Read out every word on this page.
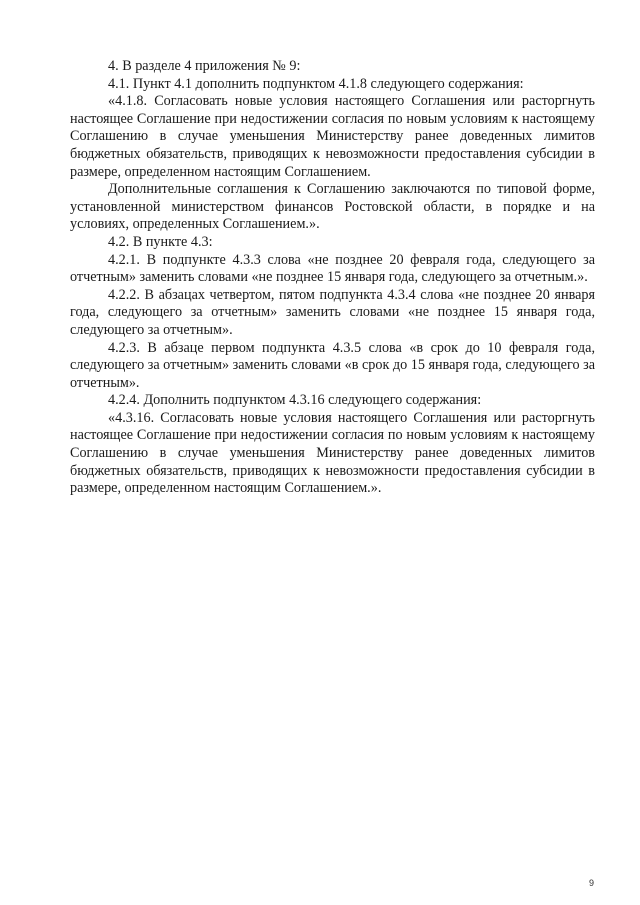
4. В разделе 4 приложения № 9:

4.1. Пункт 4.1 дополнить подпунктом 4.1.8 следующего содержания:

«4.1.8. Согласовать новые условия настоящего Соглашения или расторгнуть настоящее Соглашение при недостижении согласия по новым условиям к настоящему Соглашению в случае уменьшения Министерству ранее доведенных лимитов бюджетных обязательств, приводящих к невозможности предоставления субсидии в размере, определенном настоящим Соглашением.

Дополнительные соглашения к Соглашению заключаются по типовой форме, установленной министерством финансов Ростовской области, в порядке и на условиях, определенных Соглашением.».

4.2. В пункте 4.3:

4.2.1. В подпункте 4.3.3 слова «не позднее 20 февраля года, следующего за отчетным» заменить словами «не позднее 15 января года, следующего за отчетным.».

4.2.2. В абзацах четвертом, пятом подпункта 4.3.4 слова «не позднее 20 января года, следующего за отчетным» заменить словами «не позднее 15 января года, следующего за отчетным».

4.2.3. В абзаце первом подпункта 4.3.5 слова «в срок до 10 февраля года, следующего за отчетным» заменить словами «в срок до 15 января года, следующего за отчетным».

4.2.4. Дополнить подпунктом 4.3.16 следующего содержания:

«4.3.16. Согласовать новые условия настоящего Соглашения или расторгнуть настоящее Соглашение при недостижении согласия по новым условиям к настоящему Соглашению в случае уменьшения Министерству ранее доведенных лимитов бюджетных обязательств, приводящих к невозможности предоставления субсидии в размере, определенном настоящим Соглашением.».

9
